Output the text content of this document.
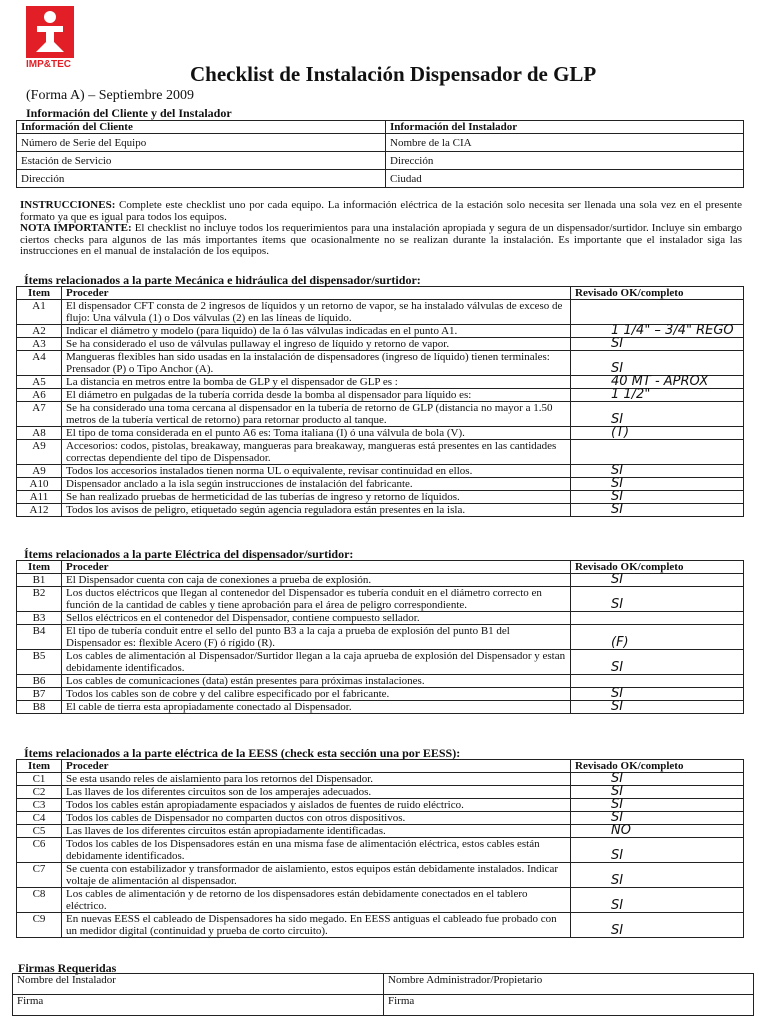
IMP&TEC	Checklist de Instalación Dispensador de GLP
(Forma A) – Septiembre 2009
Información del Cliente y del Instalador
Información del Cliente	Información del Instalador
Número de Serie del Equipo	Nombre de la CIA
Estación de Servicio	Dirección
Dirección	Ciudad
INSTRUCCIONES: Complete este checklist uno por cada equipo. La información eléctrica de la estación solo necesita ser llenada una sola vez en el presente formato ya que es igual para todos los equipos.
NOTA IMPORTANTE: El checklist no incluye todos los requerimientos para una instalación apropiada y segura de un dispensador/surtidor. Incluye sin embargo ciertos checks para algunos de las más importantes ítems que ocasionalmente no se realizan durante la instalación. Es importante que el instalador siga las instrucciones en el manual de instalación de los equipos.
Ítems relacionados a la parte Mecánica e hidráulica del dispensador/surtidor:
Item	Proceder	Revisado OK/completo
A1	El dispensador CFT consta de 2 ingresos de líquidos y un retorno de vapor, se ha instalado válvulas de exceso de flujo: Una válvula (1) o Dos válvulas (2) en las líneas de líquido.	

A2	Indicar el diámetro y modelo (para liquido) de la ó las válvulas indicadas en el punto A1.	1 1/4" – 3/4" REGO

A3	Se ha considerado el uso de válvulas pullaway el ingreso de líquido y retorno de vapor.	SI

A4	Mangueras flexibles han sido usadas en la instalación de dispensadores (ingreso de líquido) tienen terminales: Prensador (P) o Tipo Anchor (A).	SI

A5	La distancia en metros entre la bomba de GLP y el dispensador de GLP es :	40 MT - APROX

A6	El diámetro en pulgadas de la tubería corrida desde la bomba al dispensador para líquido es:	1 1/2"

A7	Se ha considerado una toma cercana al dispensador en la tubería de retorno de GLP (distancia no mayor a 1.50 metros de la tubería vertical de retorno) para retornar producto al tanque.	SI

A8	El tipo de toma considerada en el punto A6 es: Toma italiana (I) ó una válvula de bola (V).	(T)

A9	Accesorios: codos, pistolas, breakaway, mangueras para breakaway, mangueras está presentes en las cantidades correctas dependiente del tipo de Dispensador.	

A9	Todos los accesorios instalados tienen norma UL o equivalente, revisar continuidad en ellos.	SI

A10	Dispensador anclado a la isla según instrucciones de instalación del fabricante.	SI

A11	Se han realizado pruebas de hermeticidad de las tuberías de ingreso y retorno de líquidos.	SI

A12	Todos los avisos de peligro, etiquetado según agencia reguladora están presentes en la isla.	SI
Ítems relacionados a la parte Eléctrica del dispensador/surtidor:
Item	Proceder	Revisado OK/completo
B1	El Dispensador cuenta con caja de conexiones a prueba de explosión.	SI

B2	Los ductos eléctricos que llegan al contenedor del Dispensador es tubería conduit en el diámetro correcto en función de la cantidad de cables y tiene aprobación para el área de peligro correspondiente.	SI

B3	Sellos eléctricos en el contenedor del Dispensador, contiene compuesto sellador.	

B4	El tipo de tubería conduit entre el sello del punto B3 a la caja a prueba de explosión del punto B1 del Dispensador es: flexible Acero (F) ó rígido (R).	(F)

B5	Los cables de alimentación al Dispensador/Surtidor llegan a la caja aprueba de explosión del Dispensador y estan debidamente identificados.	SI

B6	Los cables de comunicaciones (data) están presentes para próximas instalaciones.	

B7	Todos los cables son de cobre y del calibre especificado por el fabricante.	SI

B8	El cable de tierra esta apropiadamente conectado al Dispensador.	SI
Ítems relacionados a la parte eléctrica de la EESS (check esta sección una por EESS):
Item	Proceder	Revisado OK/completo
C1	Se esta usando reles de aislamiento para los retornos del Dispensador.	SI

C2	Las llaves de los diferentes circuitos son de los amperajes adecuados.	SI

C3	Todos los cables están apropiadamente espaciados y aislados de fuentes de ruido eléctrico.	SI

C4	Todos los cables de Dispensador no comparten ductos con otros dispositivos.	SI

C5	Las llaves de los diferentes circuitos están apropiadamente identificadas.	NO

C6	Todos los cables de los Dispensadores están en una misma fase de alimentación eléctrica, estos cables están debidamente identificados.	SI

C7	Se cuenta con estabilizador y transformador de aislamiento, estos equipos están debidamente instalados. Indicar voltaje de alimentación al dispensador.	SI

C8	Los cables de alimentación y de retorno de los dispensadores están debidamente conectados en el tablero eléctrico.	SI

C9	En nuevas EESS el cableado de Dispensadores ha sido megado. En EESS antiguas el cableado fue probado con un medidor digital (continuidad y prueba de corto circuito).	SI
Firmas Requeridas
Nombre del Instalador	Nombre Administrador/Propietario
Firma	Firma
